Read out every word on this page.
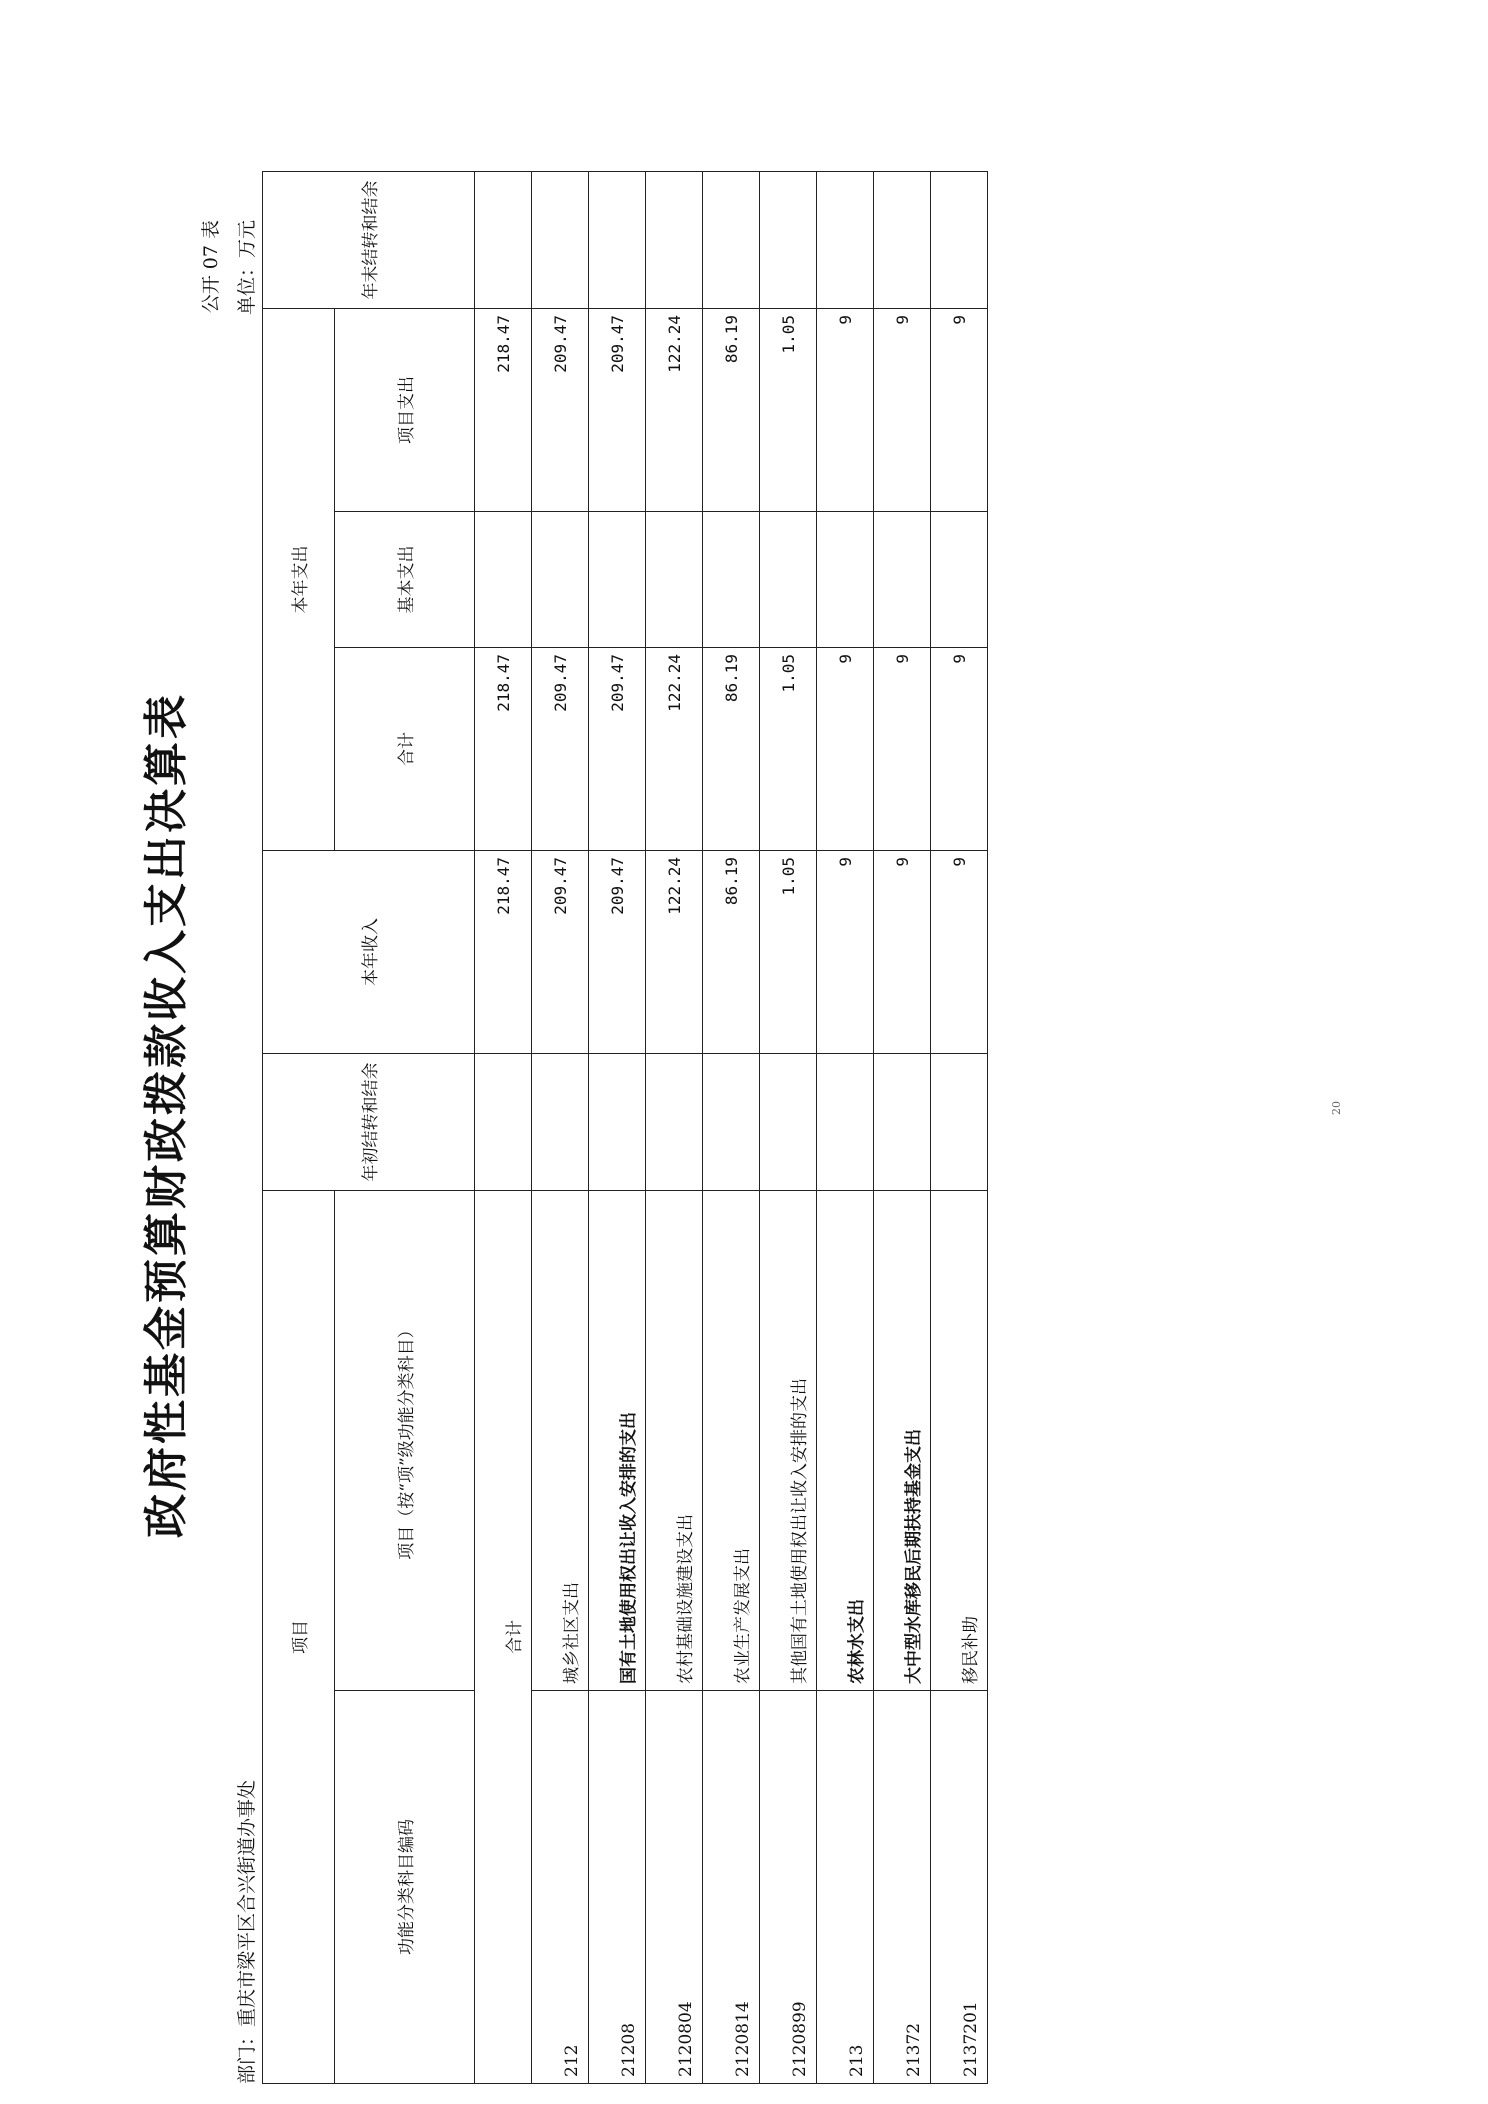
政府性基金预算财政拨款收入支出决算表
公开 07 表 单位：万元
部门：重庆市梁平区合兴街道办事处
项目		年初结转和结余	本年收入	本年支出			年末结转和结余
功能分类科目编码	项目（按“项”级功能分类科目）			合计	基本支出	项目支出	

合计			218.47	218.47		218.47	
212	城乡社区支出		209.47	209.47		209.47	
21208	国有土地使用权出让收入安排的支出		209.47	209.47		209.47	
2120804	农村基础设施建设支出		122.24	122.24		122.24	
2120814	农业生产发展支出		86.19	86.19		86.19	
2120899	其他国有土地使用权出让收入安排的支出		1.05	1.05		1.05	
213	农林水支出		9	9		9	
21372	大中型水库移民后期扶持基金支出		9	9		9	
2137201	移民补助		9	9		9	
20
